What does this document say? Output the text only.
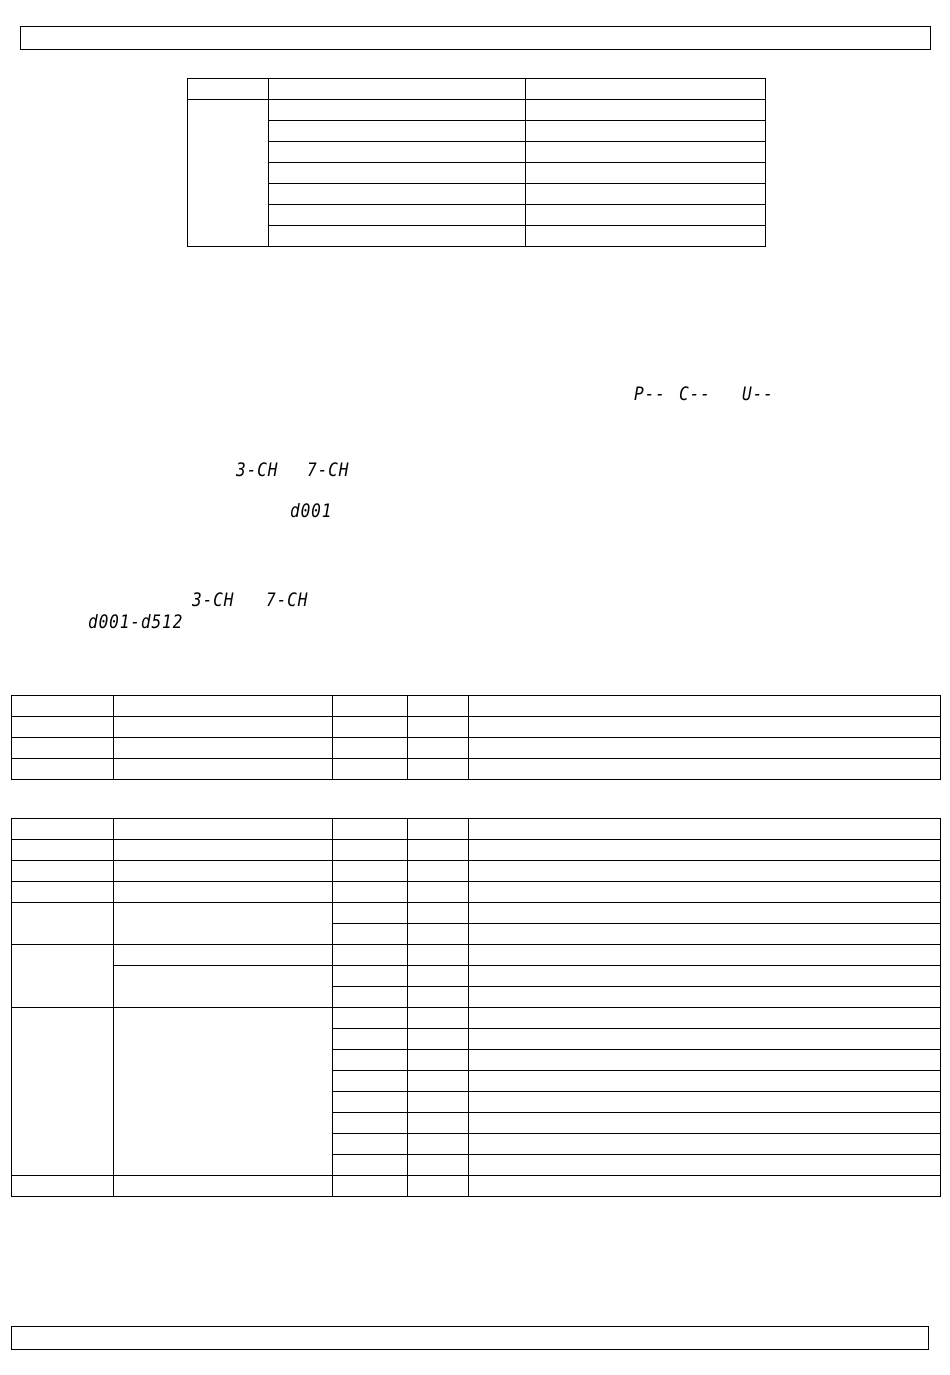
P-- C-- U--
3-CH 7-CH
d001
3-CH 7-CH
d001-d512
